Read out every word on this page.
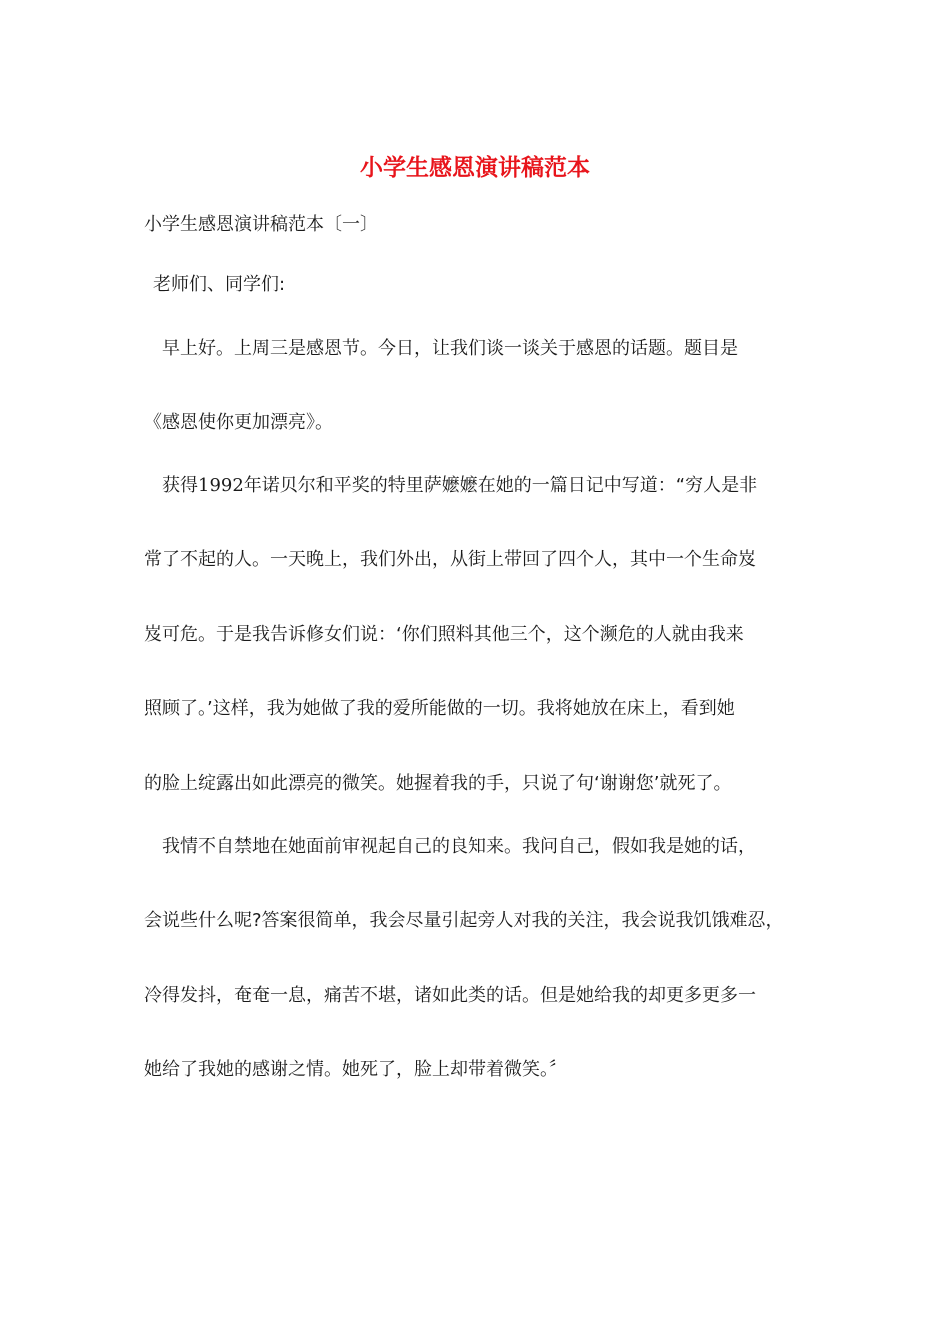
小学生感恩演讲稿范本

小学生感恩演讲稿范本〔一〕

老师们、同学们:

早上好。上周三是感恩节。今日，让我们谈一谈关于感恩的话题。题目是

《感恩使你更加漂亮》。

获得1992年诺贝尔和平奖的特里萨嬷嬷在她的一篇日记中写道：“穷人是非

常了不起的人。一天晚上，我们外出，从街上带回了四个人，其中一个生命岌

岌可危。于是我告诉修女们说：‘你们照料其他三个，这个濒危的人就由我来

照顾了。’这样，我为她做了我的爱所能做的一切。我将她放在床上，看到她

的脸上绽露出如此漂亮的微笑。她握着我的手，只说了句‘谢谢您’就死了。

我情不自禁地在她面前审视起自己的良知来。我问自己，假如我是她的话，

会说些什么呢?答案很简单，我会尽量引起旁人对我的关注，我会说我饥饿难忍，

冷得发抖，奄奄一息，痛苦不堪，诸如此类的话。但是她给我的却更多更多一

她给了我她的感谢之情。她死了，脸上却带着微笑。〞
